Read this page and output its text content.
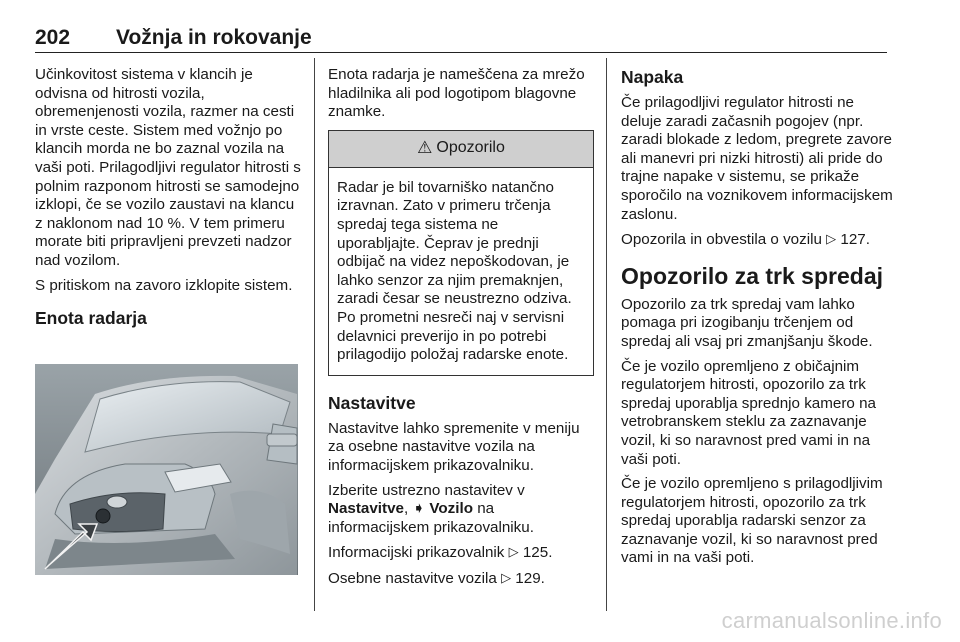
202 Vožnja in rokovanje

Učinkovitost sistema v klancih je odvisna od hitrosti vozila, obremenjenosti vozila, razmer na cesti in vrste ceste. Sistem med vožnjo po klancih morda ne bo zaznal vozila na vaši poti. Prilagodljivi regulator hitrosti s polnim razponom hitrosti se samodejno izklopi, če se vozilo zaustavi na klancu z naklonom nad 10 %. V tem primeru morate biti pripravljeni prevzeti nadzor nad vozilom.

S pritiskom na zavoro izklopite sistem.

Enota radarja

Enota radarja je nameščena za mrežo hladilnika ali pod logotipom blagovne znamke.

⚠ Opozorilo
Radar je bil tovarniško natančno izravnan. Zato v primeru trčenja spredaj tega sistema ne uporabljajte. Čeprav je prednji odbijač na videz nepoškodovan, je lahko senzor za njim premaknjen, zaradi česar se neustrezno odziva. Po prometni nesreči naj v servisni delavnici preverijo in po potrebi prilagodijo položaj radarske enote.
Nastavitve

Nastavitve lahko spremenite v meniju za osebne nastavitve vozila na informacijskem prikazovalniku.

Izberite ustrezno nastavitev v
Nastavitve, ➧ Vozilo na informacijskem prikazovalniku.

Informacijski prikazovalnik ▷ 125.

Osebne nastavitve vozila ▷ 129.

Napaka

Če prilagodljivi regulator hitrosti ne deluje zaradi začasnih pogojev (npr. zaradi blokade z ledom, pregrete zavore ali manevri pri nizki hitrosti) ali pride do trajne napake v sistemu, se prikaže sporočilo na voznikovem informacijskem zaslonu.

Opozorila in obvestila o vozilu ▷ 127.

Opozorilo za trk spredaj

Opozorilo za trk spredaj vam lahko pomaga pri izogibanju trčenjem od spredaj ali vsaj pri zmanjšanju škode.

Če je vozilo opremljeno z običajnim regulatorjem hitrosti, opozorilo za trk spredaj uporablja sprednjo kamero na vetrobranskem steklu za zaznavanje vozil, ki so naravnost pred vami in na vaši poti.

Če je vozilo opremljeno s prilagodljivim regulatorjem hitrosti, opozorilo za trk spredaj uporablja radarski senzor za zaznavanje vozil, ki so naravnost pred vami in na vaši poti.

carmanualsonline.info
